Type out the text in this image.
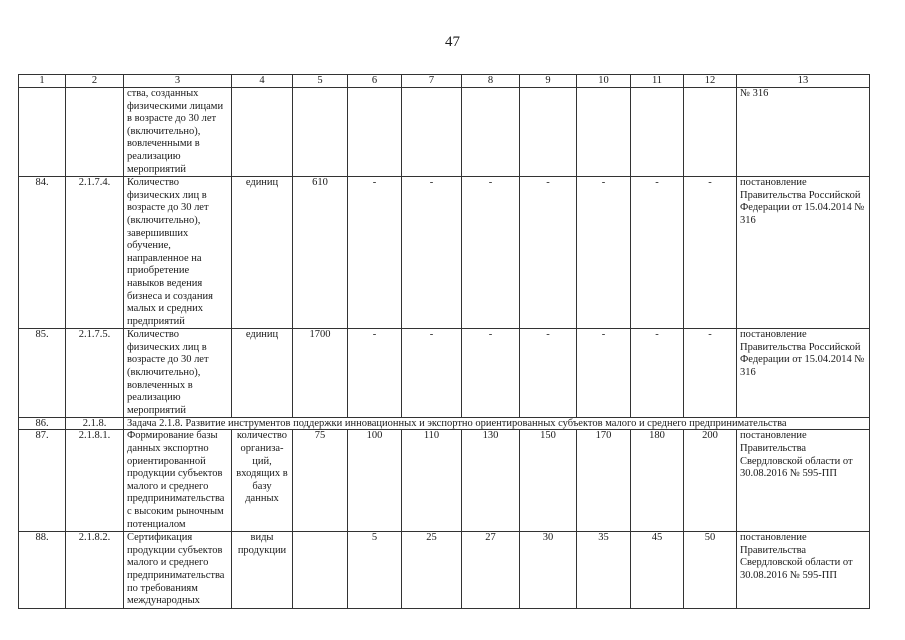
47
1	2	3	4	5	6	7	8	9	10	11	12	13
		ства, созданных физическими лицами в возрасте до 30 лет (включительно), вовлеченными в реализацию мероприятий										№ 316
84.	2.1.7.4.	Количество физических лиц в возрасте до 30 лет (включительно), завершивших обучение, направленное на приобретение навыков ведения бизнеса и создания малых и средних предприятий	единиц	610	-	-	-	-	-	-	-	постановление Правительства Российской Федерации от 15.04.2014 № 316
85.	2.1.7.5.	Количество физических лиц в возрасте до 30 лет (включительно), вовлеченных в реализацию мероприятий	единиц	1700	-	-	-	-	-	-	-	постановление Правительства Российской Федерации от 15.04.2014 № 316
86.	2.1.8.	Задача 2.1.8. Развитие инструментов поддержки инновационных и экспортно ориентированных субъектов малого и среднего предпринимательства										
87.	2.1.8.1.	Формирование базы данных экспортно ориентированной продукции субъектов малого и среднего предпринимательства с высоким рыночным потенциалом	количество организа-ций, входящих в базу данных	75	100	110	130	150	170	180	200	постановление Правительства Свердловской области от 30.08.2016 № 595-ПП
88.	2.1.8.2.	Сертификация продукции субъектов малого и среднего предпринимательства по требованиям международных	виды продукции		5	25	27	30	35	45	50	постановление Правительства Свердловской области от 30.08.2016 № 595-ПП
